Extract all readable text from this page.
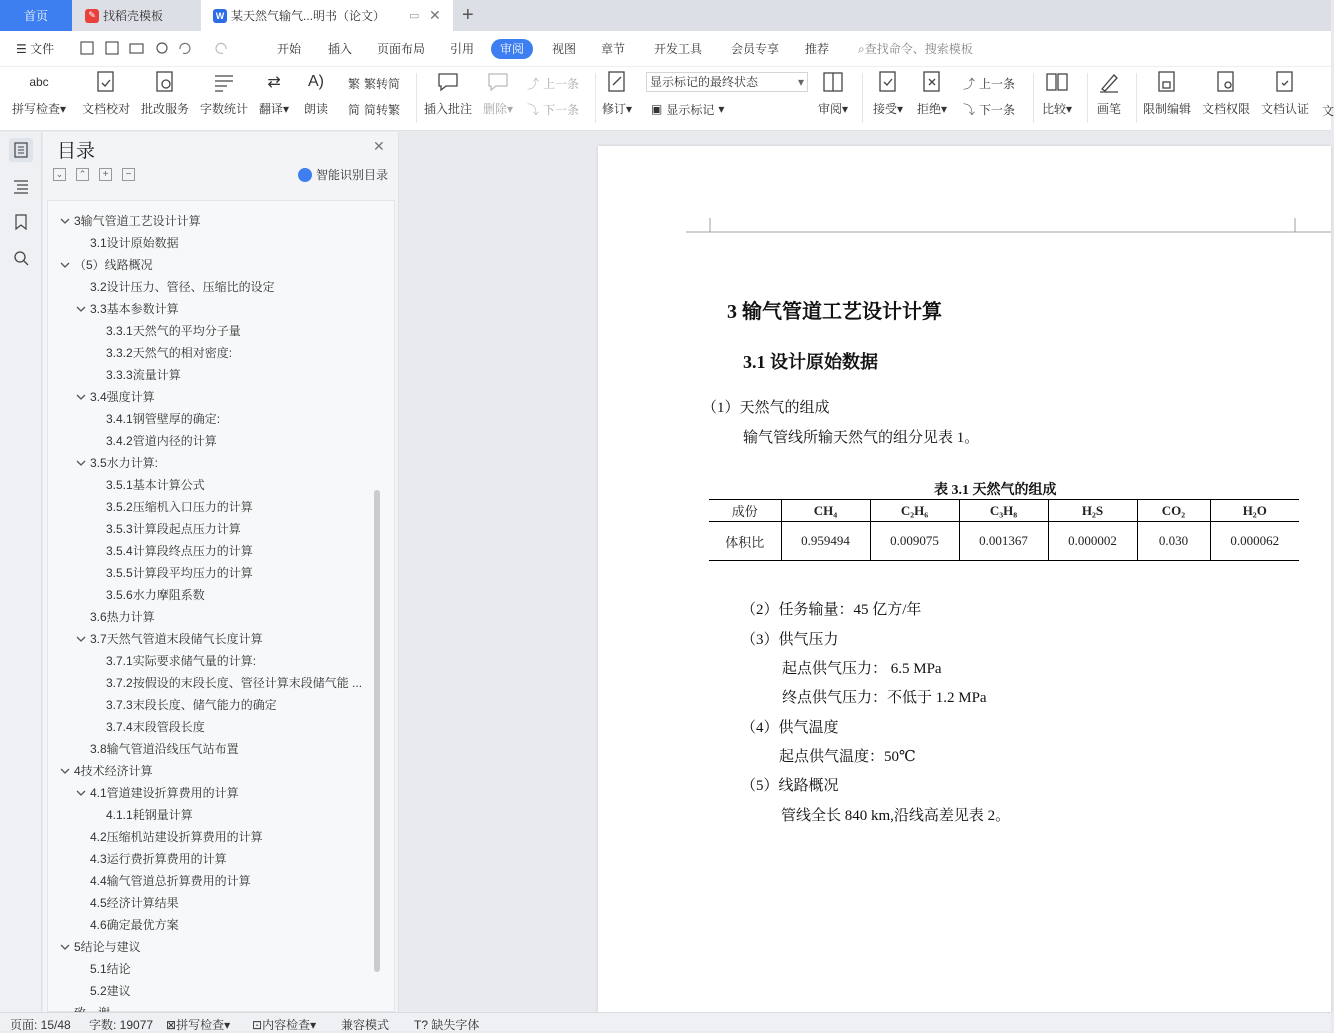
首页	✎ 找稻壳模板	W 某天然气输气...明书（论文） ▭ ✕ +
☰ 文件	开始 插入 页面布局 引用	审阅	视图 章节 开发工具 会员专享 推荐 ⌕查找命令、搜索模板
abc
拼写检查▾ 文档校对 批改服务 字数统计
⇄
翻译▾
A)
朗读
繁 繁转简
简 简转繁 插入批注 删除▾
⤴ 上一条
⤵ 下一条 修订▾
显示标记的最终状态	▾
▣ 显示标记 ▾	审阅▾ 接受▾ 拒绝▾
⤴ 上一条
⤵ 下一条 比较▾ 画笔 限制编辑 文档权限 文档认证 文
目录	✕
⌄	⌃	+	−	智能识别目录
3输气管道工艺设计计算
3.1设计原始数据
（5）线路概况
3.2设计压力、管径、压缩比的设定
3.3基本参数计算
3.3.1天然气的平均分子量
3.3.2天然气的相对密度:
3.3.3流量计算
3.4强度计算
3.4.1钢管壁厚的确定:
3.4.2管道内径的计算
3.5水力计算:
3.5.1基本计算公式
3.5.2压缩机入口压力的计算
3.5.3计算段起点压力计算
3.5.4计算段终点压力的计算
3.5.5计算段平均压力的计算
3.5.6水力摩阻系数
3.6热力计算
3.7天然气管道末段储气长度计算
3.7.1实际要求储气量的计算:
3.7.2按假设的末段长度、管径计算末段储气能 ...
3.7.3末段长度、储气能力的确定
3.7.4末段管段长度
3.8输气管道沿线压气站布置
4技术经济计算
4.1管道建设折算费用的计算
4.1.1耗钢量计算
4.2压缩机站建设折算费用的计算
4.3运行费折算费用的计算
4.4输气管道总折算费用的计算
4.5经济计算结果
4.6确定最优方案
5结论与建议
5.1结论
5.2建议
3 输气管道工艺设计计算
3.1 设计原始数据
（1）天然气的组成
输气管线所输天然气的组分见表 1。
表 3.1 天然气的组成
成份	CH₄	C₂H₆	C₃H₈	H₂S	CO₂	H₂O
体积比	0.959494	0.009075	0.001367	0.000002	0.030	0.000062
（2）任务输量：45 亿方/年
（3）供气压力
起点供气压力： 6.5 MPa
终点供气压力：不低于 1.2 MPa
（4）供气温度
起点供气温度：50℃
（5）线路概况
管线全长 840 km,沿线高差见表 2。
页面: 15/48 字数: 19077 ⊠拼写检查▾ ⊡内容检查▾ 兼容模式 T? 缺失字体
